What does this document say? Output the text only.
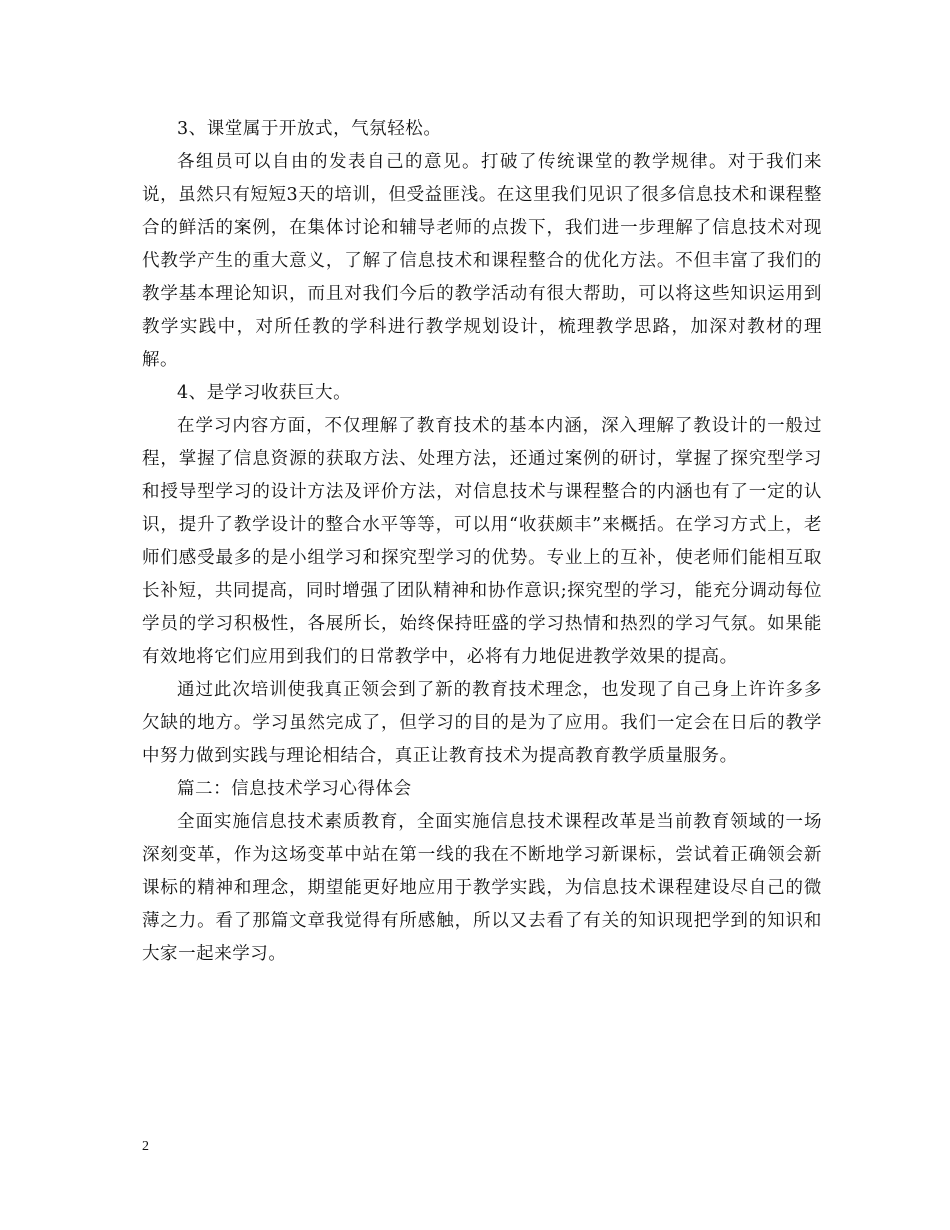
3、课堂属于开放式，气氛轻松。

各组员可以自由的发表自己的意见。打破了传统课堂的教学规律。对于我们来说，虽然只有短短3天的培训，但受益匪浅。在这里我们见识了很多信息技术和课程整合的鲜活的案例，在集体讨论和辅导老师的点拨下，我们进一步理解了信息技术对现代教学产生的重大意义，了解了信息技术和课程整合的优化方法。不但丰富了我们的教学基本理论知识，而且对我们今后的教学活动有很大帮助，可以将这些知识运用到教学实践中，对所任教的学科进行教学规划设计，梳理教学思路，加深对教材的理解。

4、是学习收获巨大。

在学习内容方面，不仅理解了教育技术的基本内涵，深入理解了教设计的一般过程，掌握了信息资源的获取方法、处理方法，还通过案例的研讨，掌握了探究型学习和授导型学习的设计方法及评价方法，对信息技术与课程整合的内涵也有了一定的认识，提升了教学设计的整合水平等等，可以用“收获颇丰”来概括。在学习方式上，老师们感受最多的是小组学习和探究型学习的优势。专业上的互补，使老师们能相互取长补短，共同提高，同时增强了团队精神和协作意识;探究型的学习，能充分调动每位学员的学习积极性，各展所长，始终保持旺盛的学习热情和热烈的学习气氛。如果能有效地将它们应用到我们的日常教学中，必将有力地促进教学效果的提高。

通过此次培训使我真正领会到了新的教育技术理念，也发现了自己身上许许多多欠缺的地方。学习虽然完成了，但学习的目的是为了应用。我们一定会在日后的教学中努力做到实践与理论相结合，真正让教育技术为提高教育教学质量服务。

篇二：信息技术学习心得体会

全面实施信息技术素质教育，全面实施信息技术课程改革是当前教育领域的一场深刻变革，作为这场变革中站在第一线的我在不断地学习新课标，尝试着正确领会新课标的精神和理念，期望能更好地应用于教学实践，为信息技术课程建设尽自己的微薄之力。看了那篇文章我觉得有所感触，所以又去看了有关的知识现把学到的知识和大家一起来学习。

2
